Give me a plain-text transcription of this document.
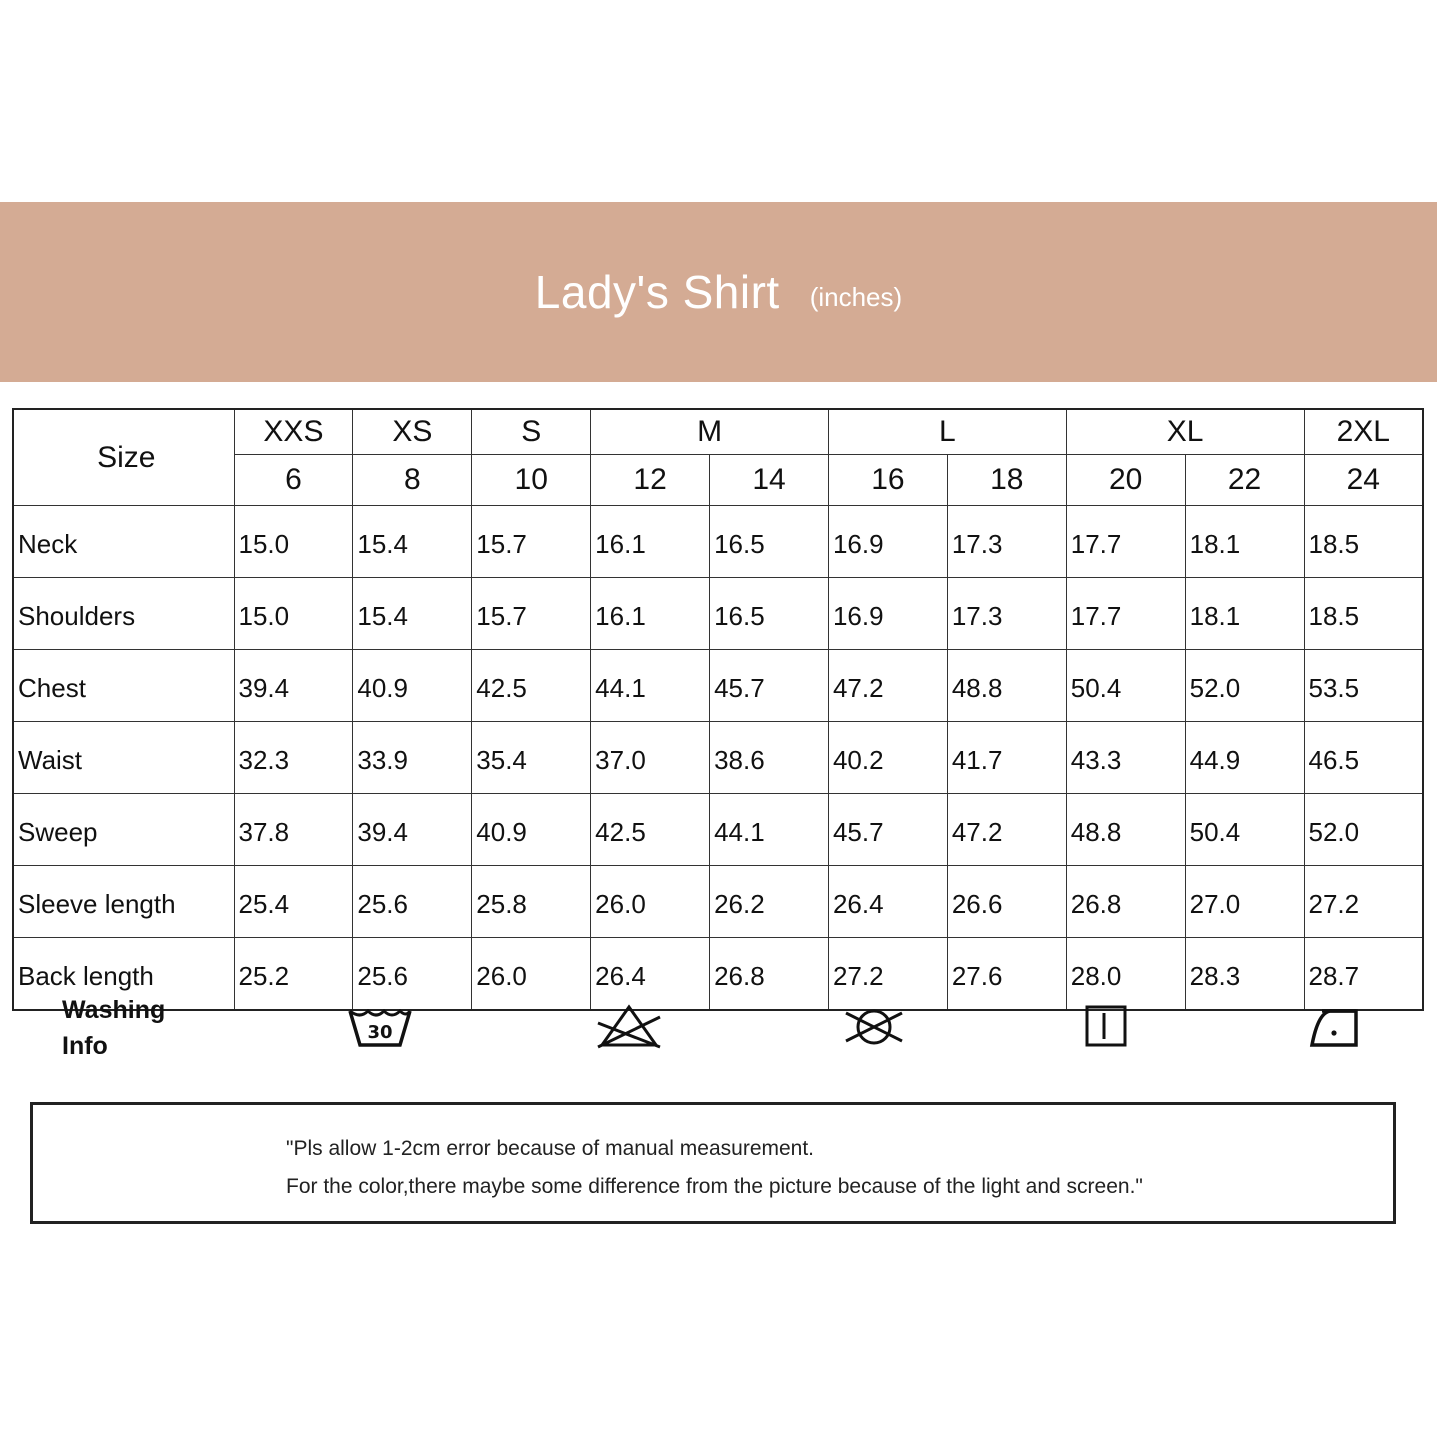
Lady's Shirt (inches)
Size	XXS	XS	S	M		L		XL		2XL
	6	8	10	12	14	16	18	20	22	24
Neck	15.0	15.4	15.7	16.1	16.5	16.9	17.3	17.7	18.1	18.5
Shoulders	15.0	15.4	15.7	16.1	16.5	16.9	17.3	17.7	18.1	18.5
Chest	39.4	40.9	42.5	44.1	45.7	47.2	48.8	50.4	52.0	53.5
Waist	32.3	33.9	35.4	37.0	38.6	40.2	41.7	43.3	44.9	46.5
Sweep	37.8	39.4	40.9	42.5	44.1	45.7	47.2	48.8	50.4	52.0
Sleeve length	25.4	25.6	25.8	26.0	26.2	26.4	26.6	26.8	27.0	27.2
Back length	25.2	25.6	26.0	26.4	26.8	27.2	27.6	28.0	28.3	28.7
Washing
Info	30
"Pls allow 1-2cm error because of manual measurement.
For the color,there maybe some difference from the picture because of the light and screen."
